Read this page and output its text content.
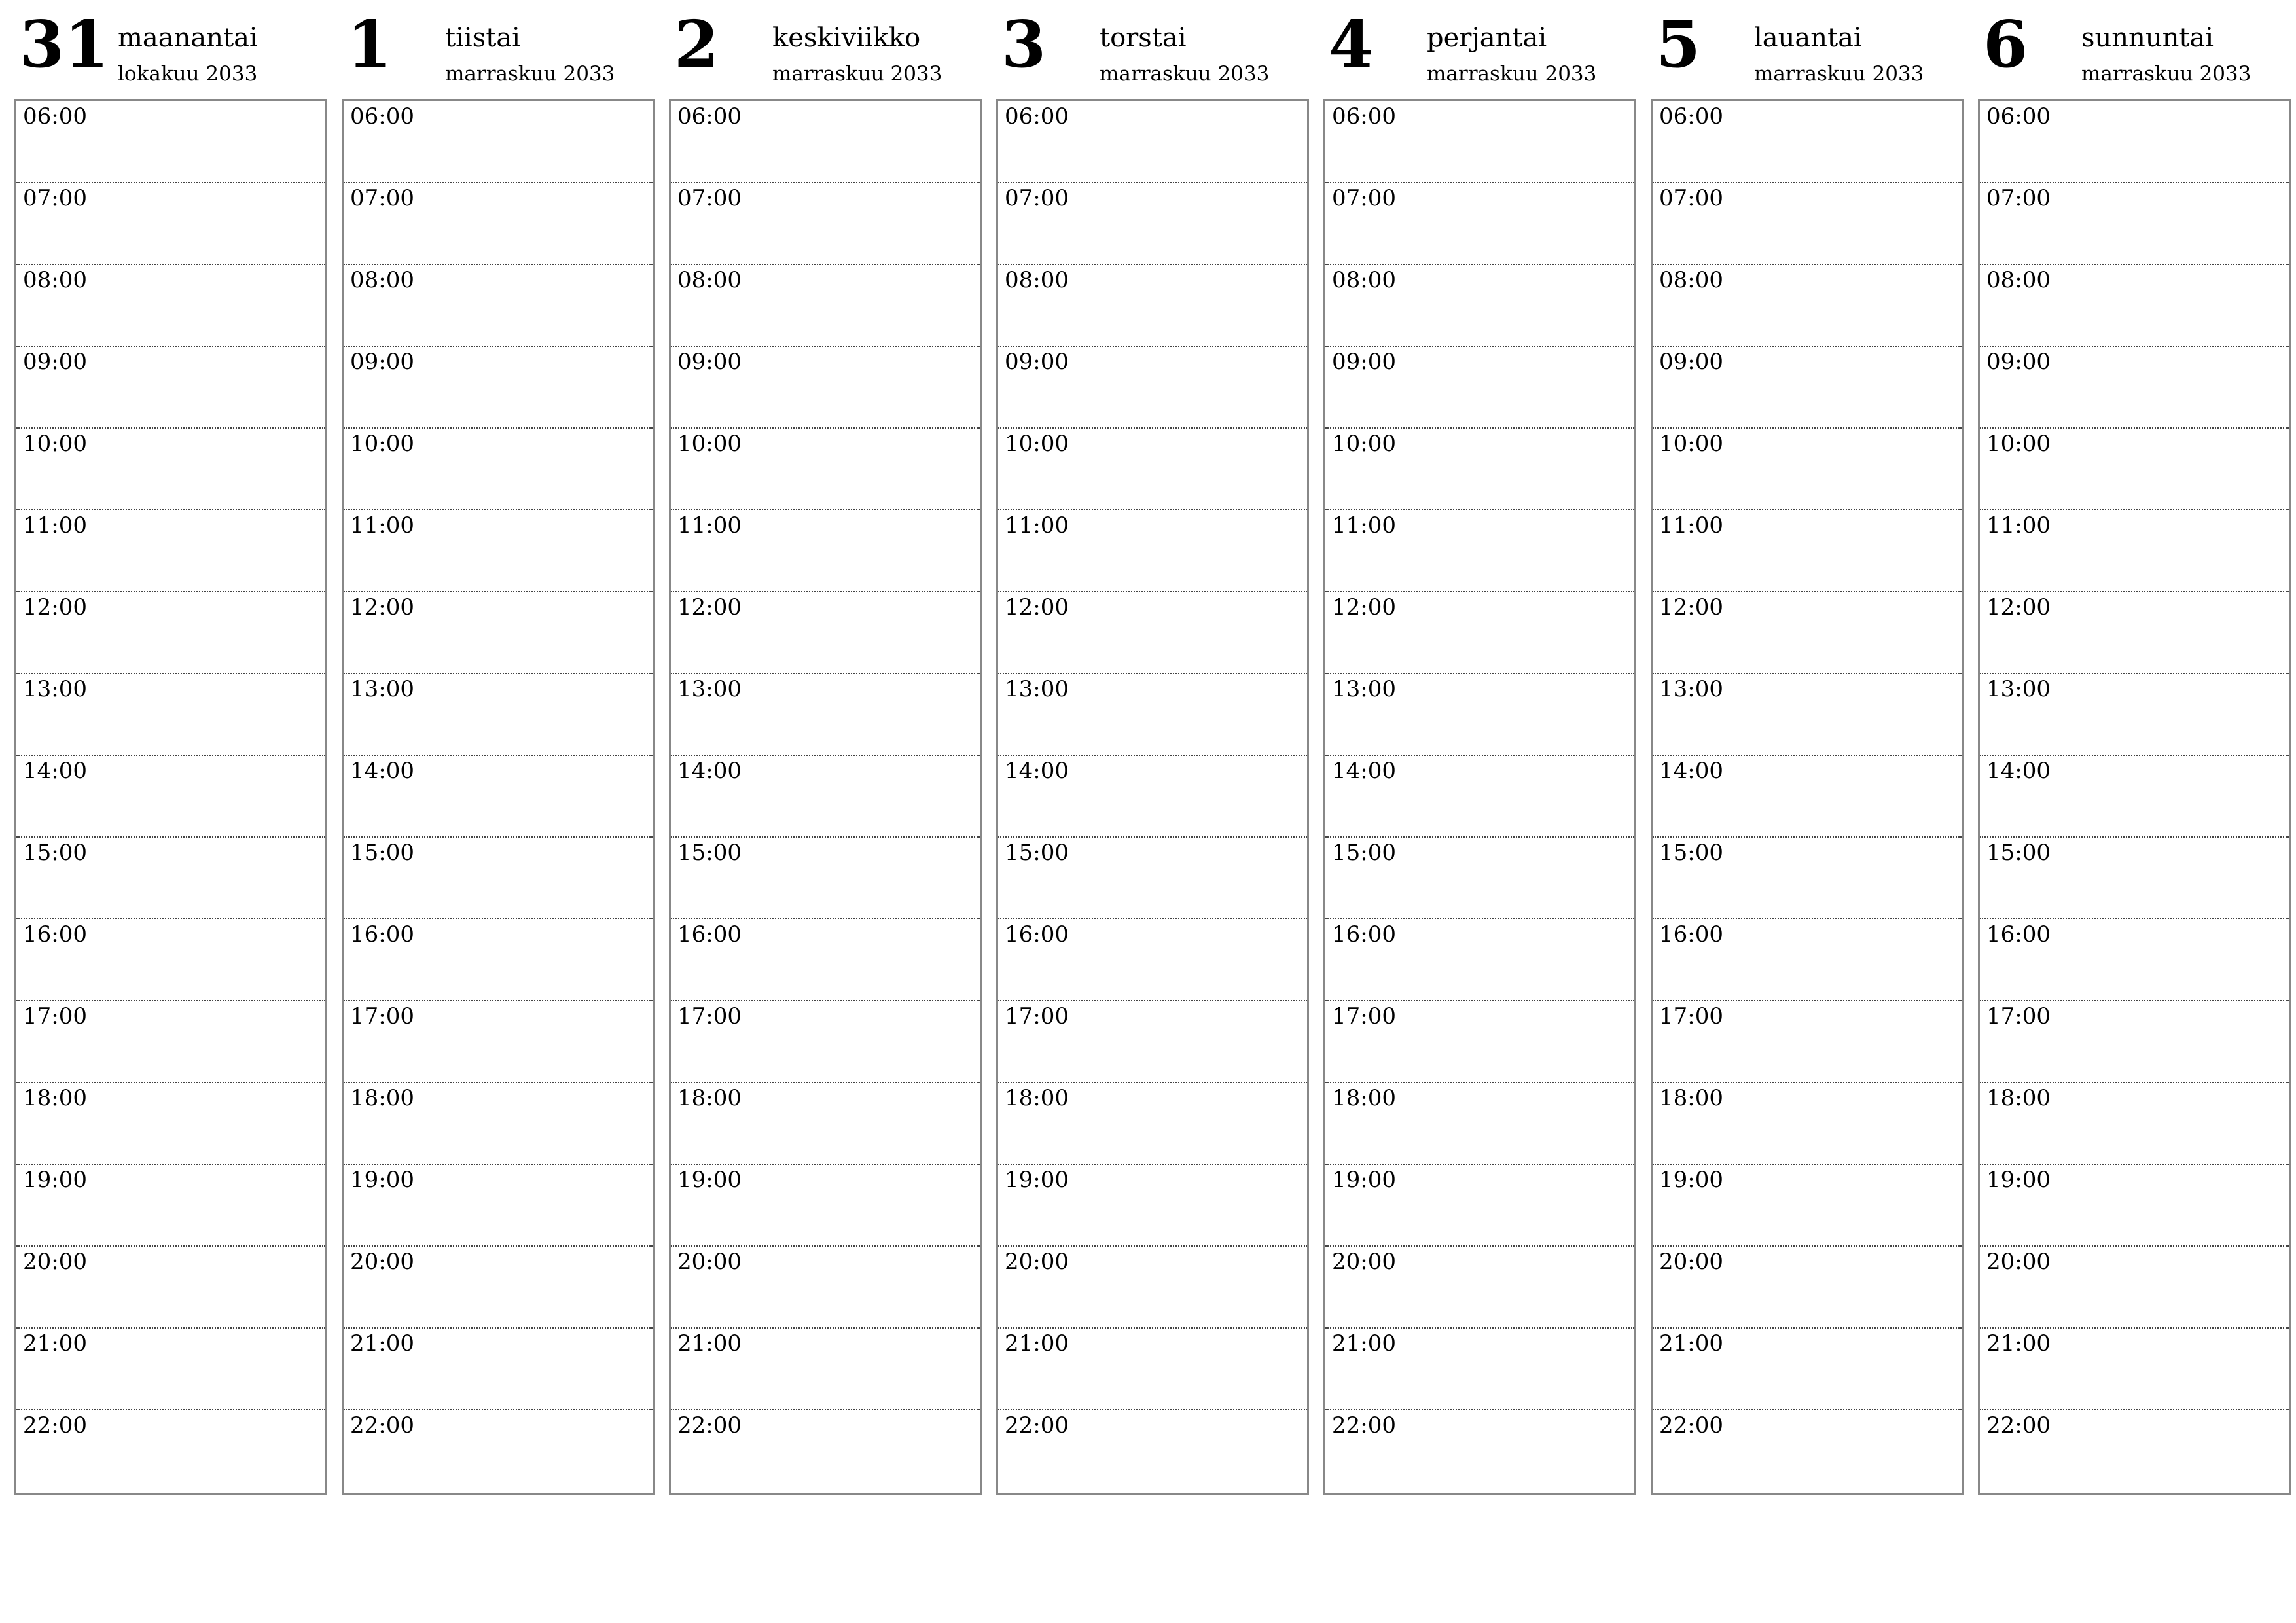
31 maanantai
lokakuu 2033
06:00
07:00
08:00
09:00
10:00
11:00
12:00
13:00
14:00
15:00
16:00
17:00
18:00
19:00
20:00
21:00
22:00
1 tiistai
marraskuu 2033
06:00
07:00
08:00
09:00
10:00
11:00
12:00
13:00
14:00
15:00
16:00
17:00
18:00
19:00
20:00
21:00
22:00
2 keskiviikko
marraskuu 2033
06:00
07:00
08:00
09:00
10:00
11:00
12:00
13:00
14:00
15:00
16:00
17:00
18:00
19:00
20:00
21:00
22:00
3 torstai
marraskuu 2033
06:00
07:00
08:00
09:00
10:00
11:00
12:00
13:00
14:00
15:00
16:00
17:00
18:00
19:00
20:00
21:00
22:00
4 perjantai
marraskuu 2033
06:00
07:00
08:00
09:00
10:00
11:00
12:00
13:00
14:00
15:00
16:00
17:00
18:00
19:00
20:00
21:00
22:00
5 lauantai
marraskuu 2033
06:00
07:00
08:00
09:00
10:00
11:00
12:00
13:00
14:00
15:00
16:00
17:00
18:00
19:00
20:00
21:00
22:00
6 sunnuntai
marraskuu 2033
06:00
07:00
08:00
09:00
10:00
11:00
12:00
13:00
14:00
15:00
16:00
17:00
18:00
19:00
20:00
21:00
22:00
